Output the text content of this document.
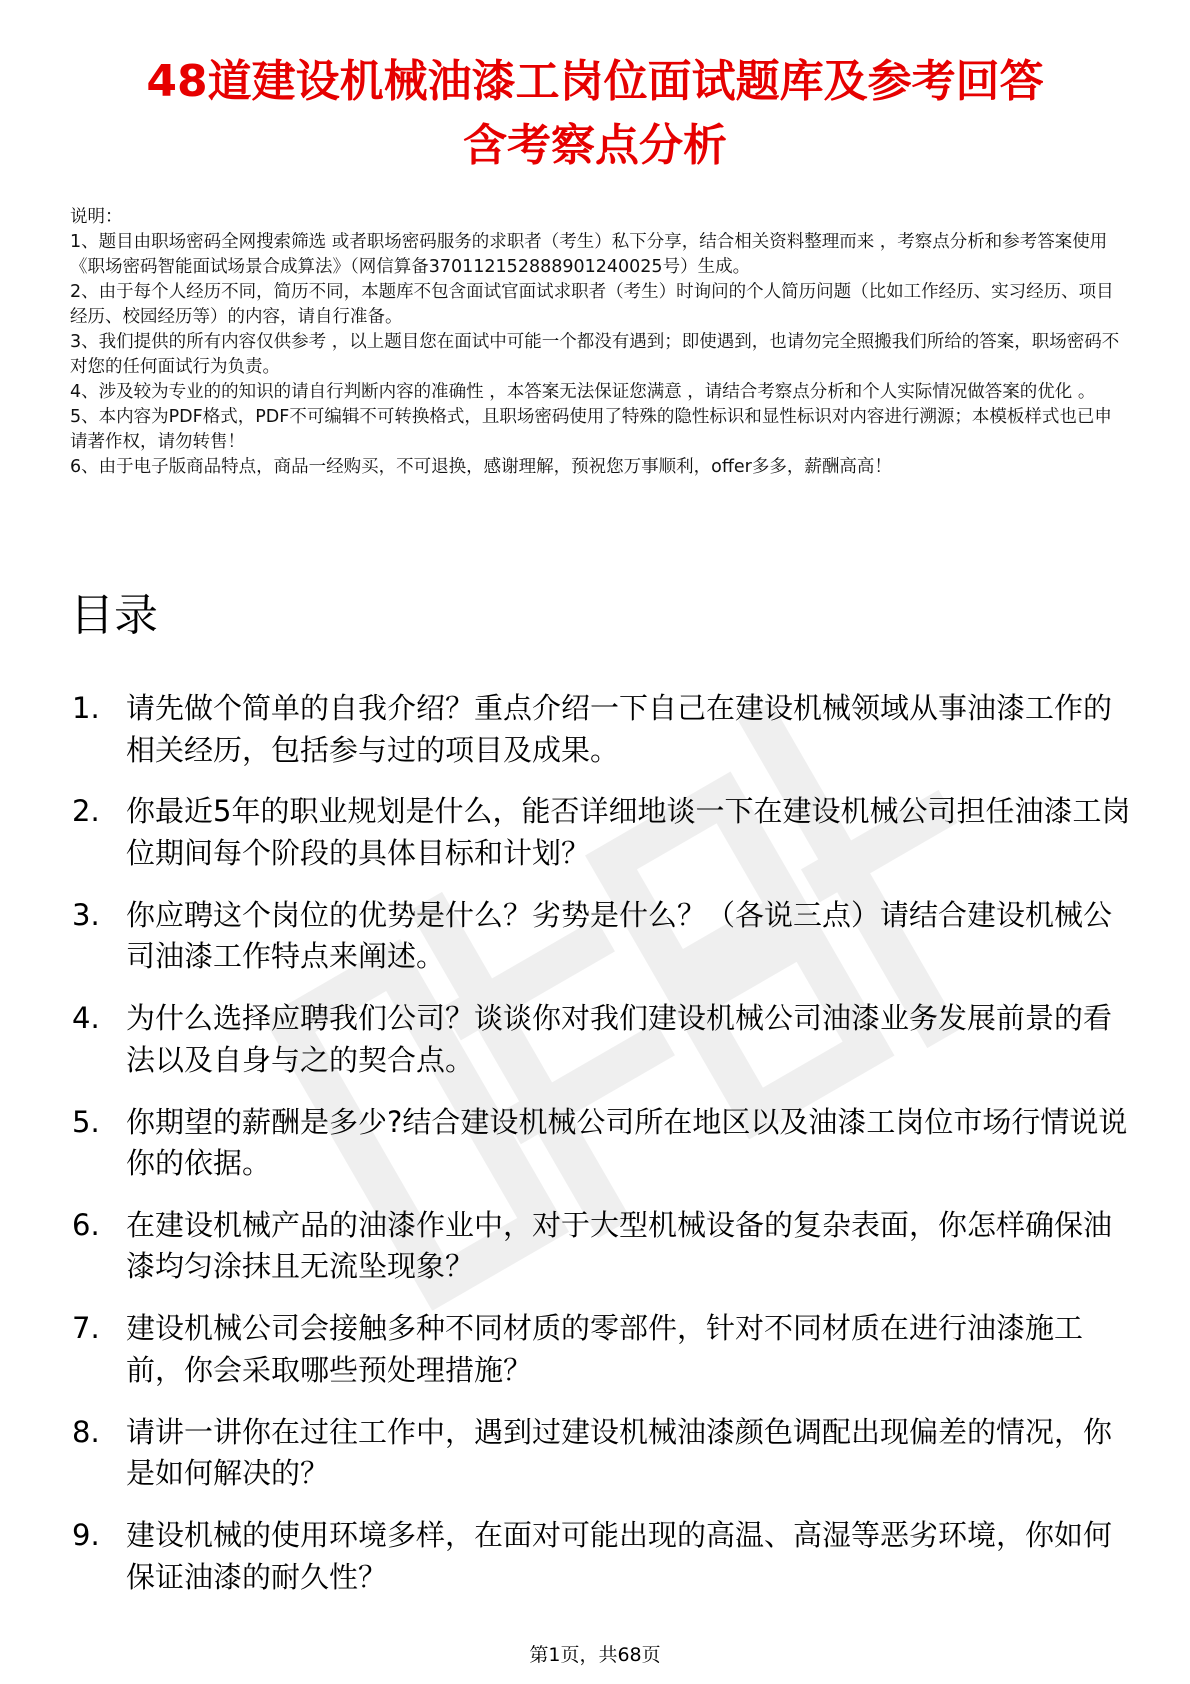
48道建设机械油漆工岗位面试题库及参考回答
含考察点分析

说明：

1、题目由职场密码全网搜索筛选 或者职场密码服务的求职者（考生）私下分享，结合相关资料整理而来 ，考察点分析和参考答案使用《职场密码智能面试场景合成算法》（网信算备370112152888901240025号）生成。

2、由于每个人经历不同，简历不同，本题库不包含面试官面试求职者（考生）时询问的个人简历问题（比如工作经历、实习经历、项目经历、校园经历等）的内容，请自行准备。

3、我们提供的所有内容仅供参考 ，以上题目您在面试中可能一个都没有遇到；即使遇到，也请勿完全照搬我们所给的答案，职场密码不对您的任何面试行为负责。

4、涉及较为专业的的知识的请自行判断内容的准确性 ，本答案无法保证您满意 ，请结合考察点分析和个人实际情况做答案的优化 。

5、本内容为PDF格式，PDF不可编辑不可转换格式，且职场密码使用了特殊的隐性标识和显性标识对内容进行溯源；本模板样式也已申请著作权，请勿转售！

6、由于电子版商品特点，商品一经购买，不可退换，感谢理解，预祝您万事顺利，offer多多，薪酬高高！

目录
1. 请先做个简单的自我介绍？重点介绍一下自己在建设机械领域从事油漆工作的相关经历，包括参与过的项目及成果。
2. 你最近5年的职业规划是什么，能否详细地谈一下在建设机械公司担任油漆工岗位期间每个阶段的具体目标和计划？
3. 你应聘这个岗位的优势是什么？劣势是什么？（各说三点）请结合建设机械公司油漆工作特点来阐述。
4. 为什么选择应聘我们公司？谈谈你对我们建设机械公司油漆业务发展前景的看法以及自身与之的契合点。
5. 你期望的薪酬是多少?结合建设机械公司所在地区以及油漆工岗位市场行情说说你的依据。
6. 在建设机械产品的油漆作业中，对于大型机械设备的复杂表面，你怎样确保油漆均匀涂抹且无流坠现象？
7. 建设机械公司会接触多种不同材质的零部件，针对不同材质在进行油漆施工前，你会采取哪些预处理措施？
8. 请讲一讲你在过往工作中，遇到过建设机械油漆颜色调配出现偏差的情况，你是如何解决的？
9. 建设机械的使用环境多样，在面对可能出现的高温、高湿等恶劣环境，你如何保证油漆的耐久性？
第1页，共68页
